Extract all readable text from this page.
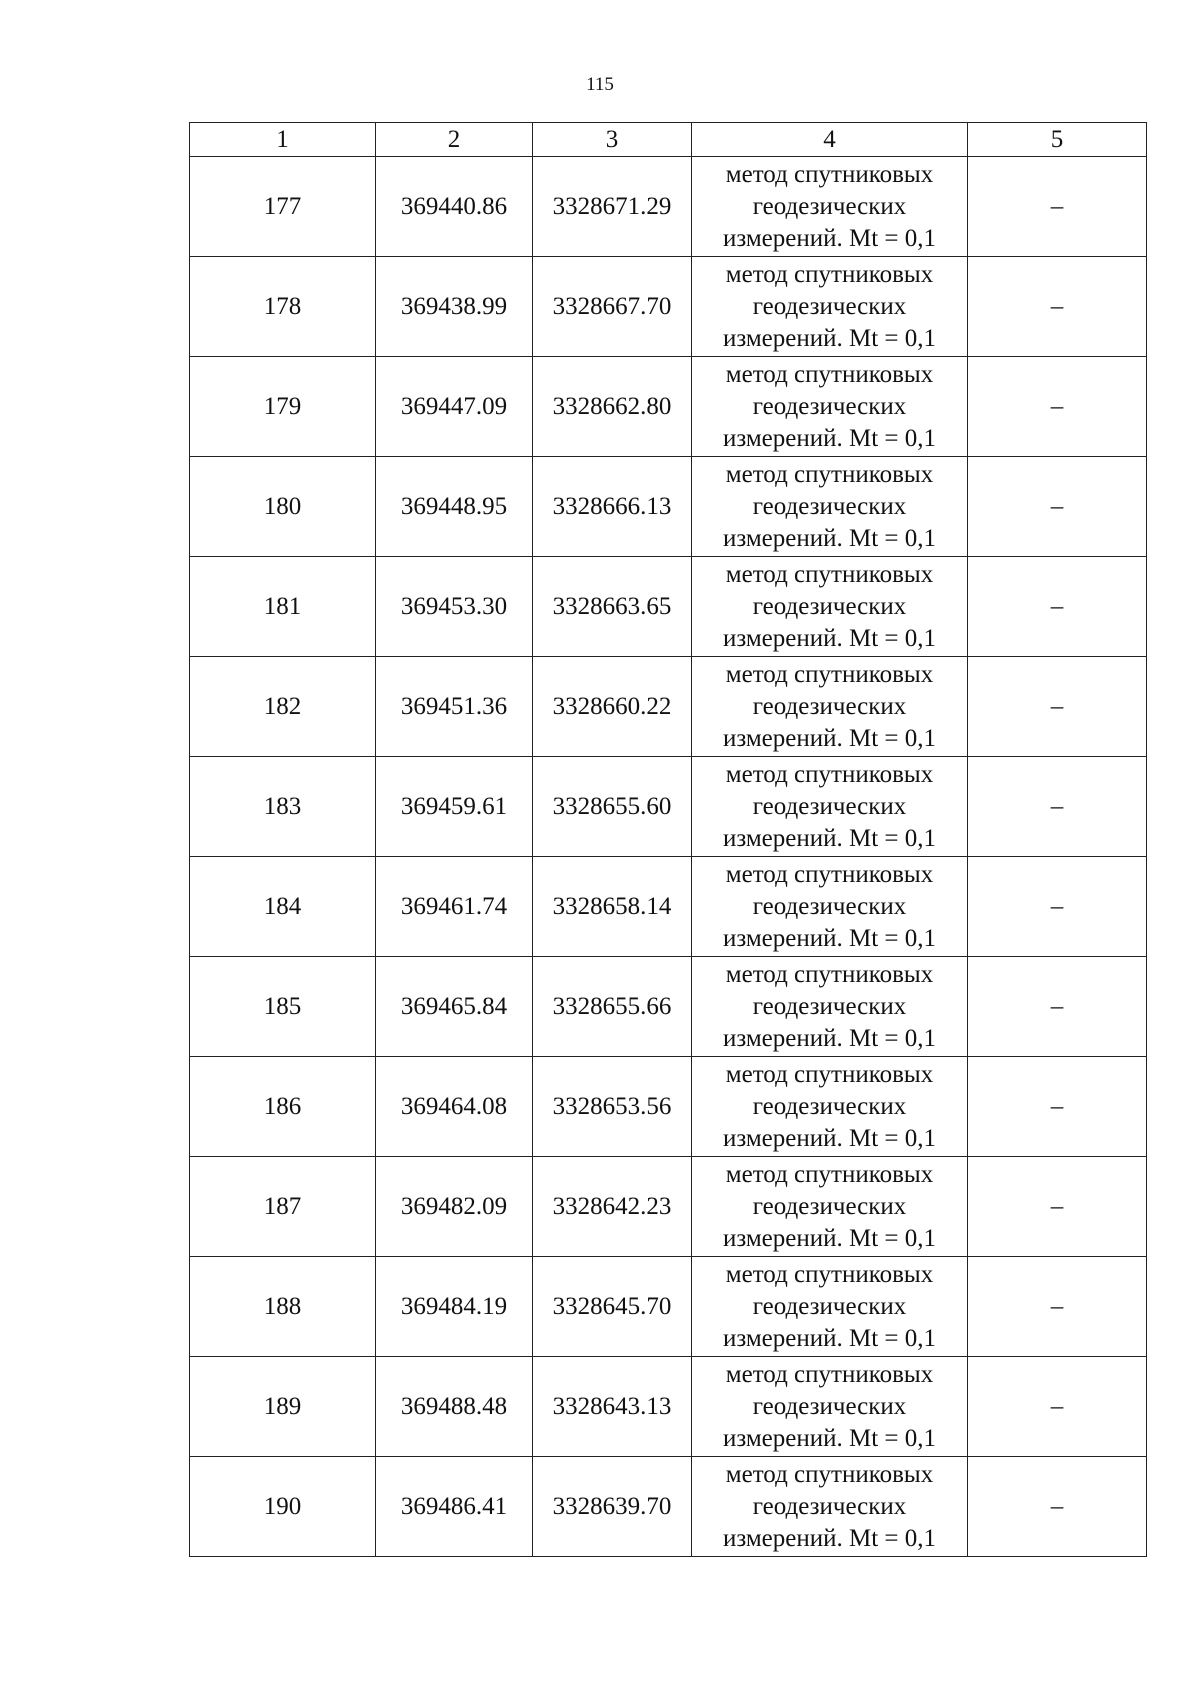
115
1	2	3	4	5
177	369440.86	3328671.29	метод спутниковых
геодезических
измерений. Mt = 0,1	–
178	369438.99	3328667.70	метод спутниковых
геодезических
измерений. Mt = 0,1	–
179	369447.09	3328662.80	метод спутниковых
геодезических
измерений. Mt = 0,1	–
180	369448.95	3328666.13	метод спутниковых
геодезических
измерений. Mt = 0,1	–
181	369453.30	3328663.65	метод спутниковых
геодезических
измерений. Mt = 0,1	–
182	369451.36	3328660.22	метод спутниковых
геодезических
измерений. Mt = 0,1	–
183	369459.61	3328655.60	метод спутниковых
геодезических
измерений. Mt = 0,1	–
184	369461.74	3328658.14	метод спутниковых
геодезических
измерений. Mt = 0,1	–
185	369465.84	3328655.66	метод спутниковых
геодезических
измерений. Mt = 0,1	–
186	369464.08	3328653.56	метод спутниковых
геодезических
измерений. Mt = 0,1	–
187	369482.09	3328642.23	метод спутниковых
геодезических
измерений. Mt = 0,1	–
188	369484.19	3328645.70	метод спутниковых
геодезических
измерений. Mt = 0,1	–
189	369488.48	3328643.13	метод спутниковых
геодезических
измерений. Mt = 0,1	–
190	369486.41	3328639.70	метод спутниковых
геодезических
измерений. Mt = 0,1	–
